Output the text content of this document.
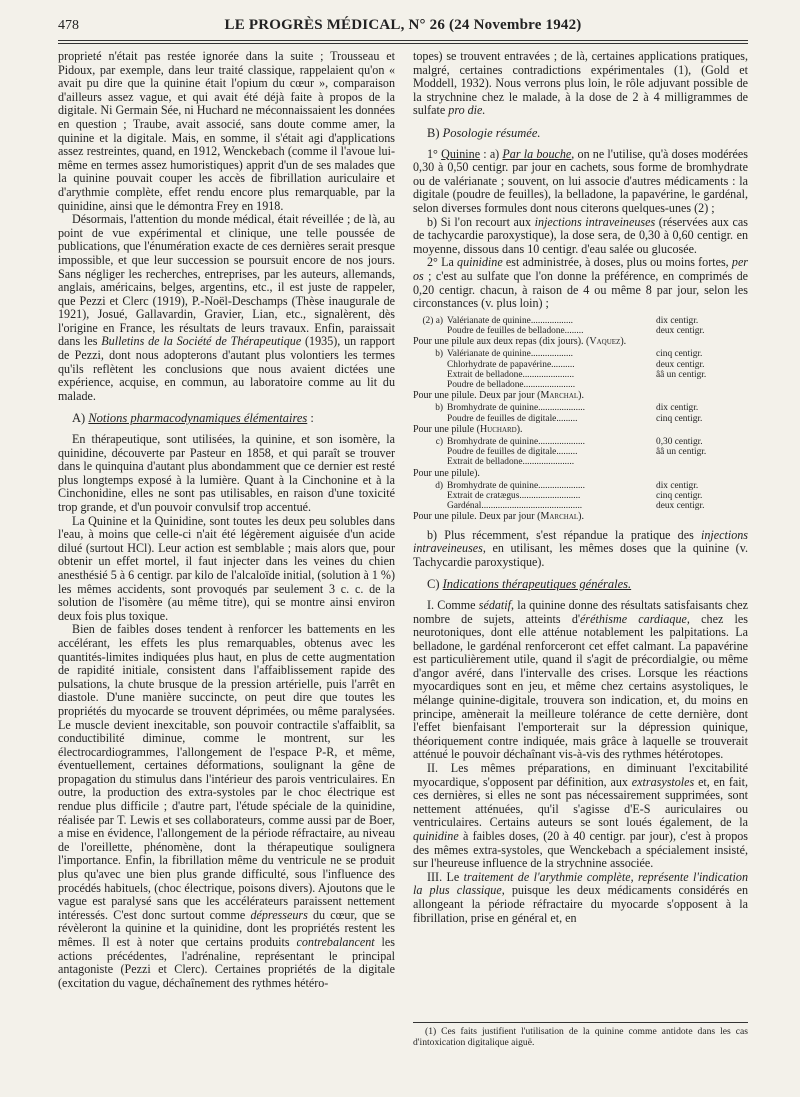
478	LE PROGRÈS MÉDICAL, N° 26 (24 Novembre 1942)

proprieté n'était pas restée ignorée dans la suite ; Trousseau et Pidoux, par exemple, dans leur traité classique, rappelaient qu'on « avait pu dire que la quinine était l'opium du cœur », comparaison d'ailleurs assez vague, et qui avait été déjà faite à propos de la digitale. Ni Germain Sée, ni Huchard ne méconnaissaient les données en question ; Traube, avait associé, sans doute comme amer, la quinine et la digitale. Mais, en somme, il s'était agi d'applications assez restreintes, quand, en 1912, Wenckebach (comme il l'avoue lui-même en termes assez humoristiques) apprit d'un de ses malades que la quinine pouvait couper les accès de fibrillation auriculaire et d'arythmie complète, effet rendu encore plus remarquable, par la quinidine, ainsi que le démontra Frey en 1918.

Désormais, l'attention du monde médical, était réveillée ; de là, au point de vue expérimental et clinique, une telle poussée de publications, que l'énumération exacte de ces dernières serait presque impossible, et que leur succession se poursuit encore de nos jours. Sans négliger les recherches, entreprises, par les auteurs, allemands, anglais, américains, belges, argentins, etc., il est juste de rappeler, que Pezzi et Clerc (1919), P.-Noël-Deschamps (Thèse inaugurale de 1921), Josué, Gallavardin, Gravier, Lian, etc., signalèrent, dès l'origine en France, les résultats de leurs travaux. Enfin, paraissait dans les Bulletins de la Société de Thérapeutique (1935), un rapport de Pezzi, dont nous adopterons d'autant plus volontiers les termes qu'ils reflètent les conclusions que nous avaient dictées une expérience, acquise, en commun, au laboratoire comme au lit du malade.

A) Notions pharmacodynamiques élémentaires :

En thérapeutique, sont utilisées, la quinine, et son isomère, la quinidine, découverte par Pasteur en 1858, et qui paraît se trouver dans le quinquina d'autant plus abondamment que ce dernier est resté plus longtemps exposé à la lumière. Quant à la Cinchonine et à la Cinchonidine, elles ne sont pas utilisables, en raison d'une toxicité trop grande, et d'un pouvoir convulsif trop accentué.

La Quinine et la Quinidine, sont toutes les deux peu solubles dans l'eau, à moins que celle-ci n'ait été légèrement aiguisée d'un acide dilué (surtout HCl). Leur action est semblable ; mais alors que, pour obtenir un effet mortel, il faut injecter dans les veines du chien anesthésié 5 à 6 centigr. par kilo de l'alcaloïde initial, (solution à 1 %) les mêmes accidents, sont provoqués par seulement 3 c. c. de la solution de l'isomère (au même titre), qui se montre ainsi environ deux fois plus toxique.

Bien de faibles doses tendent à renforcer les battements en les accélérant, les effets les plus remarquables, obtenus avec les quantités-limites indiquées plus haut, en plus de cette augmentation de rapidité initiale, consistent dans l'affaiblissement rapide des pulsations, la chute brusque de la pression artérielle, puis l'arrêt en diastole. D'une manière succincte, on peut dire que toutes les propriétés du myocarde se trouvent déprimées, ou même paralysées. Le muscle devient inexcitable, son pouvoir contractile s'affaiblit, sa conductibilité diminue, comme le montrent, sur les électrocardiogrammes, l'allongement de l'espace P-R, et même, éventuellement, certaines déformations, soulignant la gêne de propagation du stimulus dans l'intérieur des parois ventriculaires. En outre, la production des extra-systoles par le choc électrique est rendue plus difficile ; d'autre part, l'étude spéciale de la quinidine, réalisée par T. Lewis et ses collaborateurs, comme aussi par de Boer, a mise en évidence, l'allongement de la période réfractaire, au niveau de l'oreillette, phénomène, dont la thérapeutique soulignera l'importance. Enfin, la fibrillation même du ventricule ne se produit plus qu'avec une bien plus grande difficulté, sous l'influence des procédés habituels, (choc électrique, poisons divers). Ajoutons que le vague est paralysé sans que les accélérateurs paraissent nettement intéressés. C'est donc surtout comme dépresseurs du cœur, que se révèleront la quinine et la quinidine, dont les propriétés restent les mêmes. Il est à noter que certains produits contrebalancent les actions précédentes, l'adrénaline, représentant le principal antagoniste (Pezzi et Clerc). Certaines propriétés de la digitale (excitation du vague, déchaînement des rythmes hétéro-

topes) se trouvent entravées ; de là, certaines applications pratiques, malgré, certaines contradictions expérimentales (1), (Gold et Moddell, 1932). Nous verrons plus loin, le rôle adjuvant possible de la strychnine chez le malade, à la dose de 2 à 4 milligrammes de sulfate pro die.

B) Posologie résumée.

1° Quinine : a) Par la bouche, on ne l'utilise, qu'à doses modérées 0,30 à 0,50 centigr. par jour en cachets, sous forme de bromhydrate ou de valérianate ; souvent, on lui associe d'autres médicaments : la digitale (poudre de feuilles), la belladone, la papavérine, le gardénal, selon diverses formules dont nous citerons quelques-unes (2) ;

b) Si l'on recourt aux injections intraveineuses (réservées aux cas de tachycardie paroxystique), la dose sera, de 0,30 à 0,60 centigr. en moyenne, dissous dans 10 centigr. d'eau salée ou glucosée.

2° La quinidine est administrée, à doses, plus ou moins fortes, per os ; c'est au sulfate que l'on donne la préférence, en comprimés de 0,20 centigr. chacun, à raison de 4 ou même 8 par jour, selon les circonstances (v. plus loin) ;

(2) a) Valérianate de quinine..................	dix centigr.
Poudre de feuilles de belladone........	deux centigr.
Pour une pilule aux deux repas (dix jours). (Vaquez).
b) Valérianate de quinine..................	cinq centigr.
Chlorhydrate de papavérine..........	deux centigr.
Extrait de belladone......................	ââ un centigr.
Poudre de belladone......................
Pour une pilule. Deux par jour (Marchal).
b) Bromhydrate de quinine....................	dix centigr.
Poudre de feuilles de digitale.........	cinq centigr.
Pour une pilule (Huchard).
c) Bromhydrate de quinine....................	0,30 centigr.
Poudre de feuilles de digitale.........	ââ un centigr.
Extrait de belladone......................
Pour une pilule).
d) Bromhydrate de quinine....................	dix centigr.
Extrait de cratægus..........................	cinq centigr.
Gardénal...........................................	deux centigr.
Pour une pilule. Deux par jour (Marchal).

b) Plus récemment, s'est répandue la pratique des injections intraveineuses, en utilisant, les mêmes doses que la quinine (v. Tachycardie paroxystique).

C) Indications thérapeutiques générales.

I. Comme sédatif, la quinine donne des résultats satisfaisants chez nombre de sujets, atteints d'éréthisme cardiaque, chez les neurotoniques, dont elle atténue notablement les palpitations. La belladone, le gardénal renforceront cet effet calmant. La papavérine est particulièrement utile, quand il s'agit de précordialgie, ou même d'angor avéré, dans l'intervalle des crises. Lorsque les réactions myocardiques sont en jeu, et même chez certains asystoliques, le mélange quinine-digitale, trouvera son indication, et, du moins en principe, amènerait la meilleure tolérance de cette dernière, dont l'effet bienfaisant l'emporterait sur la dépression quinique, théoriquement contre indiquée, mais grâce à laquelle se trouverait atténué le pouvoir déchaînant vis-à-vis des rythmes hétérotopes.

II. Les mêmes préparations, en diminuant l'excitabilité myocardique, s'opposent par définition, aux extrasystoles et, en fait, ces dernières, si elles ne sont pas nécessairement supprimées, sont nettement atténuées, qu'il s'agisse d'E-S auriculaires ou ventriculaires. Certains auteurs se sont loués également, de la quinidine à faibles doses, (20 à 40 centigr. par jour), c'est à propos des mêmes extra-systoles, que Wenckebach a spécialement insisté, sur l'heureuse influence de la strychnine associée.

III. Le traitement de l'arythmie complète, représente l'indication la plus classique, puisque les deux médicaments considérés en allongeant la période réfractaire du myocarde s'opposent à la fibrillation, prise en général et, en

(1) Ces faits justifient l'utilisation de la quinine comme antidote dans les cas d'intoxication digitalique aiguë.
